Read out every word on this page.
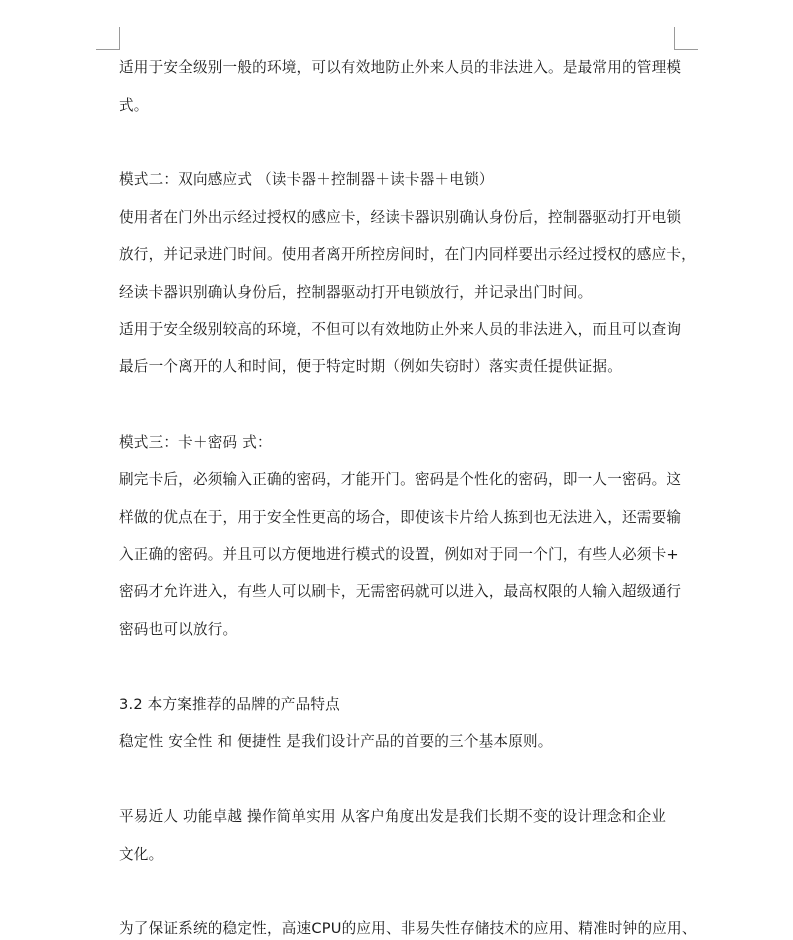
适用于安全级别一般的环境，可以有效地防止外来人员的非法进入。是最常用的管理模
式。
模式二：双向感应式 （读卡器＋控制器＋读卡器＋电锁）
使用者在门外出示经过授权的感应卡，经读卡器识别确认身份后，控制器驱动打开电锁
放行，并记录进门时间。使用者离开所控房间时，在门内同样要出示经过授权的感应卡，
经读卡器识别确认身份后，控制器驱动打开电锁放行，并记录出门时间。
适用于安全级别较高的环境，不但可以有效地防止外来人员的非法进入，而且可以查询
最后一个离开的人和时间，便于特定时期（例如失窃时）落实责任提供证据。
模式三：卡＋密码 式：
刷完卡后，必须输入正确的密码，才能开门。密码是个性化的密码，即一人一密码。这
样做的优点在于，用于安全性更高的场合，即使该卡片给人拣到也无法进入，还需要输
入正确的密码。并且可以方便地进行模式的设置，例如对于同一个门，有些人必须卡+
密码才允许进入，有些人可以刷卡，无需密码就可以进入，最高权限的人输入超级通行
密码也可以放行。
3.2 本方案推荐的品牌的产品特点
稳定性 安全性 和 便捷性 是我们设计产品的首要的三个基本原则。
平易近人 功能卓越 操作简单实用 从客户角度出发是我们长期不变的设计理念和企业
文化。
为了保证系统的稳定性，高速CPU的应用、非易失性存储技术的应用、精准时钟的应用、
